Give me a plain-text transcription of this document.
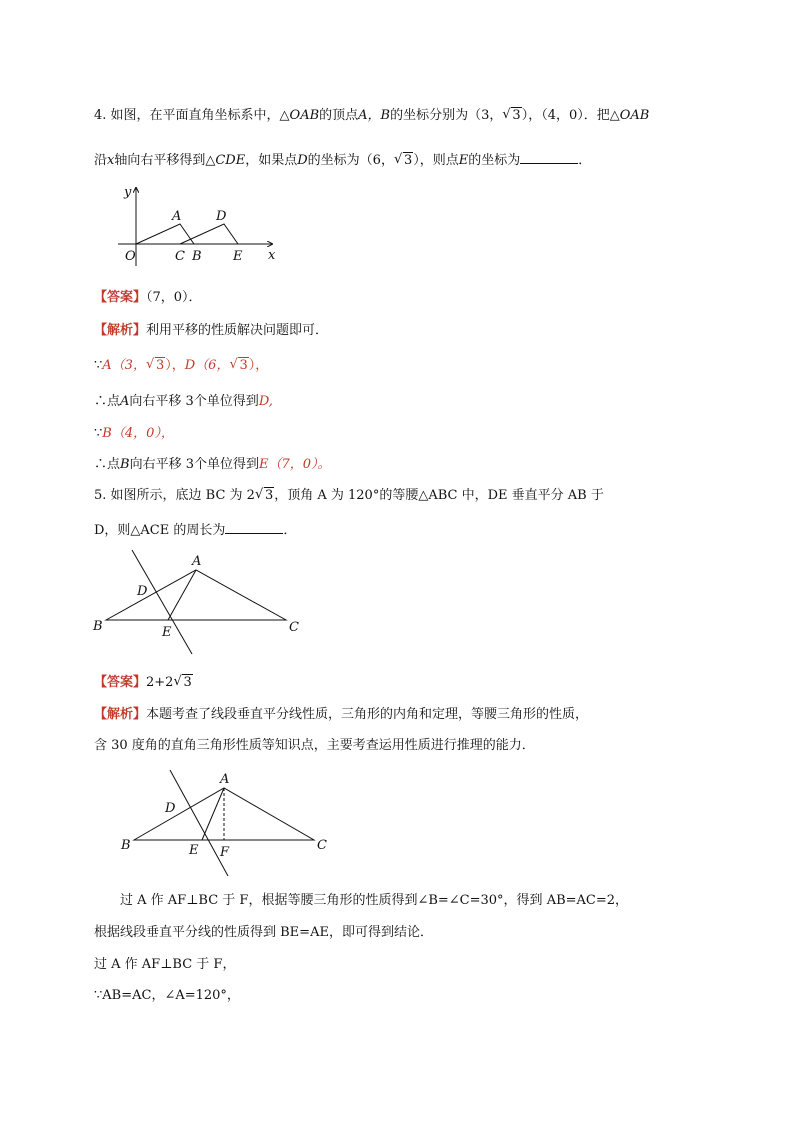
4. 如图，在平面直角坐标系中，△OAB的顶点A，B的坐标分别为（3， √ 3），（4，0）．把△OAB
沿x轴向右平移得到△CDE，如果点D的坐标为（6， √ 3），则点E的坐标为	．
y
x
O
A	D
C B E
【答案】（7，0）．
【解析】利用平移的性质解决问题即可．
∵A（3， √ 3），D（6， √ 3），
∴点A向右平移 3个单位得到D,
∵B（4，0），
∴点B向右平移 3个单位得到E（7，0）。
5. 如图所示，底边 BC 为 2 √ 3，顶角 A 为 120°的等腰△ABC 中，DE 垂直平分 AB 于
D，则△ACE 的周长为	．
A
B	C
D
E
【答案】2+2 √ 3
【解析】本题考查了线段垂直平分线性质，三角形的内角和定理，等腰三角形的性质，
含 30 度角的直角三角形性质等知识点，主要考查运用性质进行推理的能力．
A
B	C
D
E F
过 A 作 AF⊥BC 于 F，根据等腰三角形的性质得到∠B=∠C=30°，得到 AB=AC=2，
根据线段垂直平分线的性质得到 BE=AE，即可得到结论．
过 A 作 AF⊥BC 于 F，
∵AB=AC，∠A=120°，
